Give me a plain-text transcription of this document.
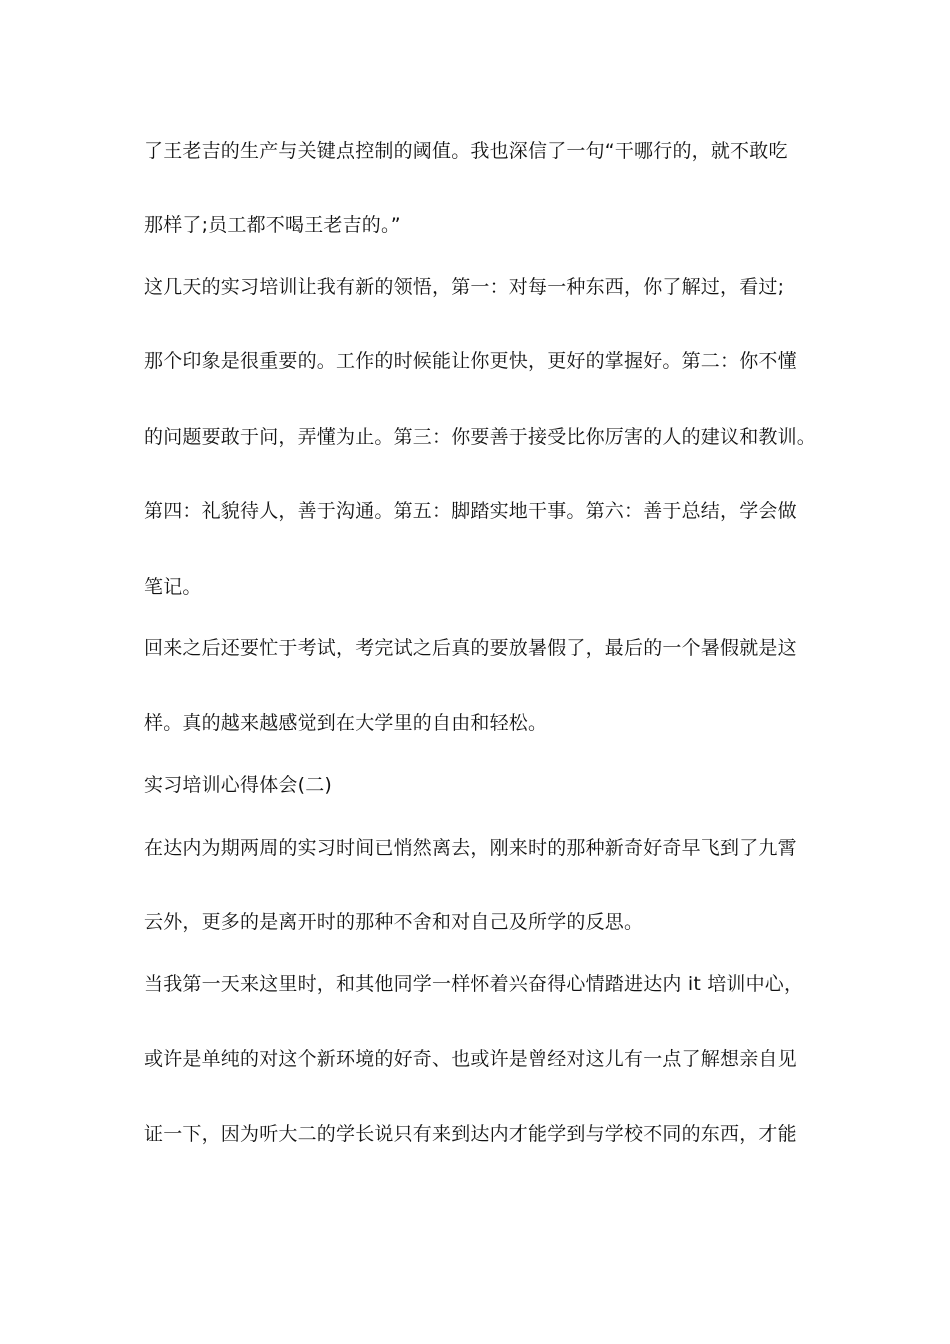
了王老吉的生产与关键点控制的阈值。我也深信了一句“干哪行的，就不敢吃
那样了;员工都不喝王老吉的。”
这几天的实习培训让我有新的领悟，第一：对每一种东西，你了解过，看过;
那个印象是很重要的。工作的时候能让你更快，更好的掌握好。第二：你不懂
的问题要敢于问，弄懂为止。第三：你要善于接受比你厉害的人的建议和教训。
第四：礼貌待人，善于沟通。第五：脚踏实地干事。第六：善于总结，学会做
笔记。
回来之后还要忙于考试，考完试之后真的要放暑假了，最后的一个暑假就是这
样。真的越来越感觉到在大学里的自由和轻松。
实习培训心得体会(二)
在达内为期两周的实习时间已悄然离去，刚来时的那种新奇好奇早飞到了九霄
云外，更多的是离开时的那种不舍和对自己及所学的反思。
当我第一天来这里时，和其他同学一样怀着兴奋得心情踏进达内 it 培训中心，
或许是单纯的对这个新环境的好奇、也或许是曾经对这儿有一点了解想亲自见
证一下，因为听大二的学长说只有来到达内才能学到与学校不同的东西，才能
